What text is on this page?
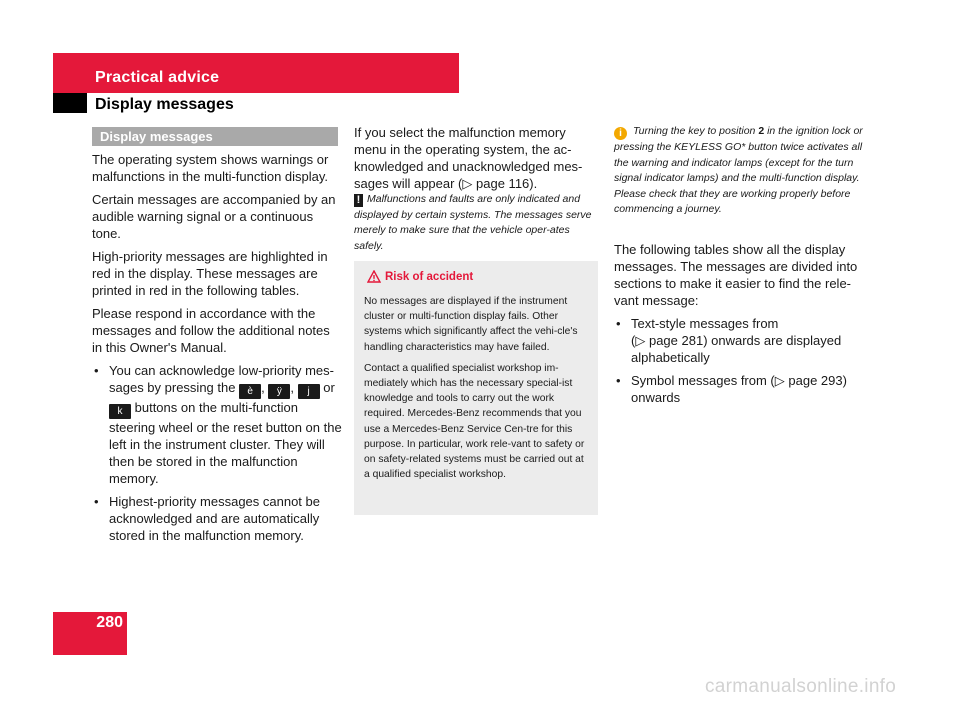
Practical advice
Display messages
Display messages

The operating system shows warnings or malfunctions in the multi-function display.

Certain messages are accompanied by an audible warning signal or a continuous tone.

High-priority messages are highlighted in red in the display. These messages are printed in red in the following tables.

Please respond in accordance with the messages and follow the additional notes in this Owner's Manual.

• You can acknowledge low-priority mes-sages by pressing the è , ÿ , j or k buttons on the multi-function steering wheel or the reset button on the left in the instrument cluster. They will then be stored in the malfunction memory.
• Highest-priority messages cannot be acknowledged and are automatically stored in the malfunction memory.

If you select the malfunction memory menu in the operating system, the ac-knowledged and unacknowledged mes-sages will appear (▷ page 116).

! Malfunctions and faults are only indicated and displayed by certain systems. The messages serve merely to make sure that the vehicle oper-ates safely.
Risk of accident

No messages are displayed if the instrument cluster or multi-function display fails. Other systems which significantly affect the vehi-cle's handling characteristics may have failed.

Contact a qualified specialist workshop im-mediately which has the necessary special-ist knowledge and tools to carry out the work required. Mercedes-Benz recommends that you use a Mercedes-Benz Service Cen-tre for this purpose. In particular, work rele-vant to safety or on safety-related systems must be carried out at a qualified specialist workshop.

i Turning the key to position 2 in the ignition lock or pressing the KEYLESS GO* button twice activates all the warning and indicator lamps (except for the turn signal indicator lamps) and the multi-function display. Please check that they are working properly before commencing a journey.

The following tables show all the display messages. The messages are divided into sections to make it easier to find the rele-vant message:

• Text-style messages from
(▷ page 281) onwards are displayed alphabetically
• Symbol messages from (▷ page 293) onwards
280
carmanualsonline.info
